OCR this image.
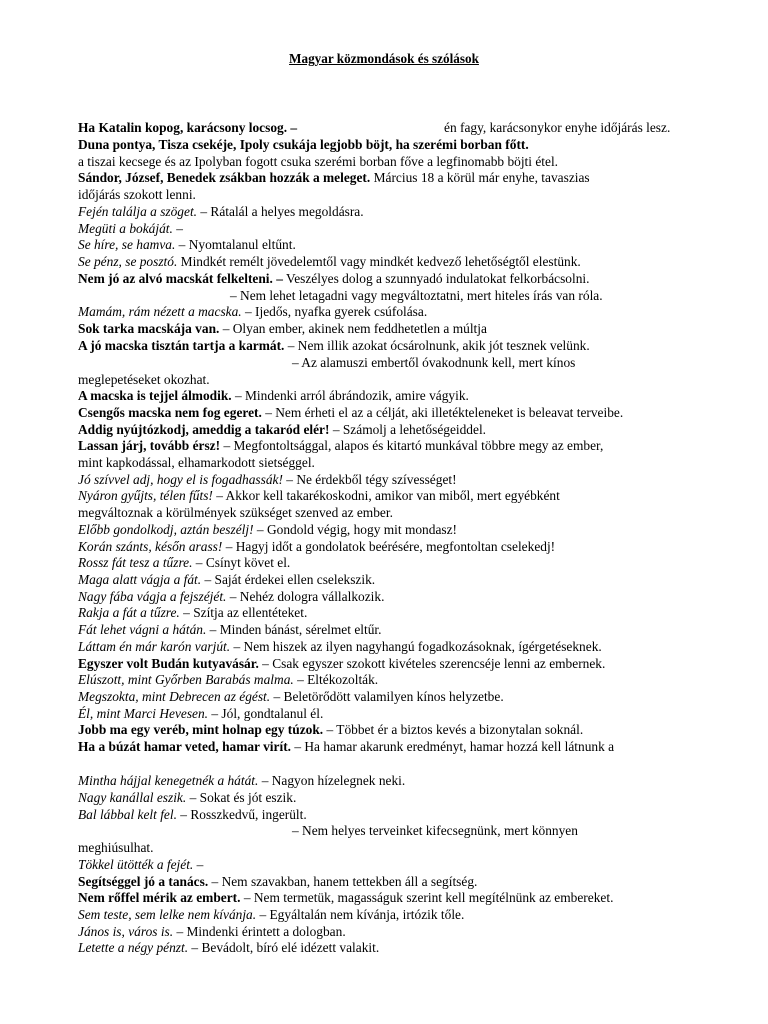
Magyar közmondások és szólások
Ha Katalin kopog, karácsony locsog. –	én fagy, karácsonykor enyhe időjárás lesz.
Duna pontya, Tisza csekéje, Ipoly csukája legjobb böjt, ha szerémi borban főtt.
a tiszai kecsege és az Ipolyban fogott csuka szerémi borban főve a legfinomabb böjti étel.
Sándor, József, Benedek zsákban hozzák a meleget. Március 18 a körül már enyhe, tavaszias
időjárás szokott lenni.
Fején találja a szöget. – Rátalál a helyes megoldásra.
Megüti a bokáját. –
Se híre, se hamva. – Nyomtalanul eltűnt.
Se pénz, se posztó. Mindkét remélt jövedelemtől vagy mindkét kedvező lehetőségtől elestünk.
Nem jó az alvó macskát felkelteni. – Veszélyes dolog a szunnyadó indulatokat felkorbácsolni.
– Nem lehet letagadni vagy megváltoztatni, mert hiteles írás van róla.
Mamám, rám nézett a macska. – Ijedős, nyafka gyerek csúfolása.
Sok tarka macskája van. – Olyan ember, akinek nem feddhetetlen a múltja
A jó macska tisztán tartja a karmát. – Nem illik azokat ócsárolnunk, akik jót tesznek velünk.
– Az alamuszi embertől óvakodnunk kell, mert kínos
meglepetéseket okozhat.
A macska is tejjel álmodik. – Mindenki arról ábrándozik, amire vágyik.
Csengős macska nem fog egeret. – Nem érheti el az a célját, aki illetékteleneket is beleavat terveibe.
Addig nyújtózkodj, ameddig a takaród elér! – Számolj a lehetőségeiddel.
Lassan járj, tovább érsz! – Megfontoltsággal, alapos és kitartó munkával többre megy az ember,
mint kapkodással, elhamarkodott sietséggel.
Jó szívvel adj, hogy el is fogadhassák! – Ne érdekből tégy szívességet!
Nyáron gyűjts, télen fűts! – Akkor kell takarékoskodni, amikor van miből, mert egyébként
megváltoznak a körülmények szükséget szenved az ember.
Előbb gondolkodj, aztán beszélj! – Gondold végig, hogy mit mondasz!
Korán szánts, későn arass! – Hagyj időt a gondolatok beérésére, megfontoltan cselekedj!
Rossz fát tesz a tűzre. – Csínyt követ el.
Maga alatt vágja a fát. – Saját érdekei ellen cselekszik.
Nagy fába vágja a fejszéjét. – Nehéz dologra vállalkozik.
Rakja a fát a tűzre. – Szítja az ellentéteket.
Fát lehet vágni a hátán. – Minden bánást, sérelmet eltűr.
Láttam én már karón varjút. – Nem hiszek az ilyen nagyhangú fogadkozásoknak, ígérgetéseknek.
Egyszer volt Budán kutyavásár. – Csak egyszer szokott kivételes szerencséje lenni az embernek.
Elúszott, mint Győrben Barabás malma. – Eltékozolták.
Megszokta, mint Debrecen az égést. – Beletörődött valamilyen kínos helyzetbe.
Él, mint Marci Hevesen. – Jól, gondtalanul él.
Jobb ma egy veréb, mint holnap egy túzok. – Többet ér a biztos kevés a bizonytalan soknál.
Ha a búzát hamar veted, hamar virít. – Ha hamar akarunk eredményt, hamar hozzá kell látnunk a
Mintha hájjal kenegetnék a hátát. – Nagyon hízelegnek neki.
Nagy kanállal eszik. – Sokat és jót eszik.
Bal lábbal kelt fel. – Rosszkedvű, ingerült.
– Nem helyes terveinket kifecsegnünk, mert könnyen
meghiúsulhat.
Tökkel ütötték a fejét. –
Segítséggel jó a tanács. – Nem szavakban, hanem tettekben áll a segítség.
Nem rőffel mérik az embert. – Nem termetük, magasságuk szerint kell megítélnünk az embereket.
Sem teste, sem lelke nem kívánja. – Egyáltalán nem kívánja, irtózik tőle.
János is, város is. – Mindenki érintett a dologban.
Letette a négy pénzt. – Bevádolt, bíró elé idézett valakit.
